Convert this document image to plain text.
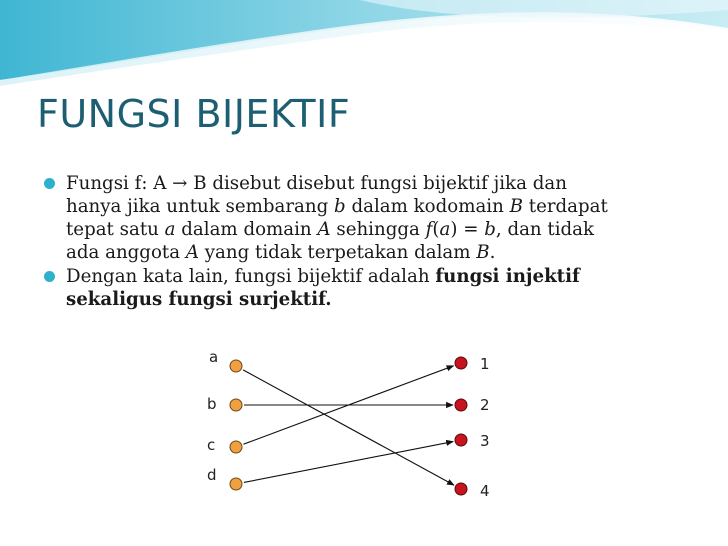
FUNGSI BIJEKTIF
Fungsi f: A → B disebut disebut fungsi bijektif jika dan
hanya jika untuk sembarang b dalam kodomain B terdapat
tepat satu a dalam domain A sehingga f(a) = b, dan tidak
ada anggota A yang tidak terpetakan dalam B.
Dengan kata lain, fungsi bijektif adalah fungsi injektif
sekaligus fungsi surjektif.
a
b
c
d
1
2
3
4
